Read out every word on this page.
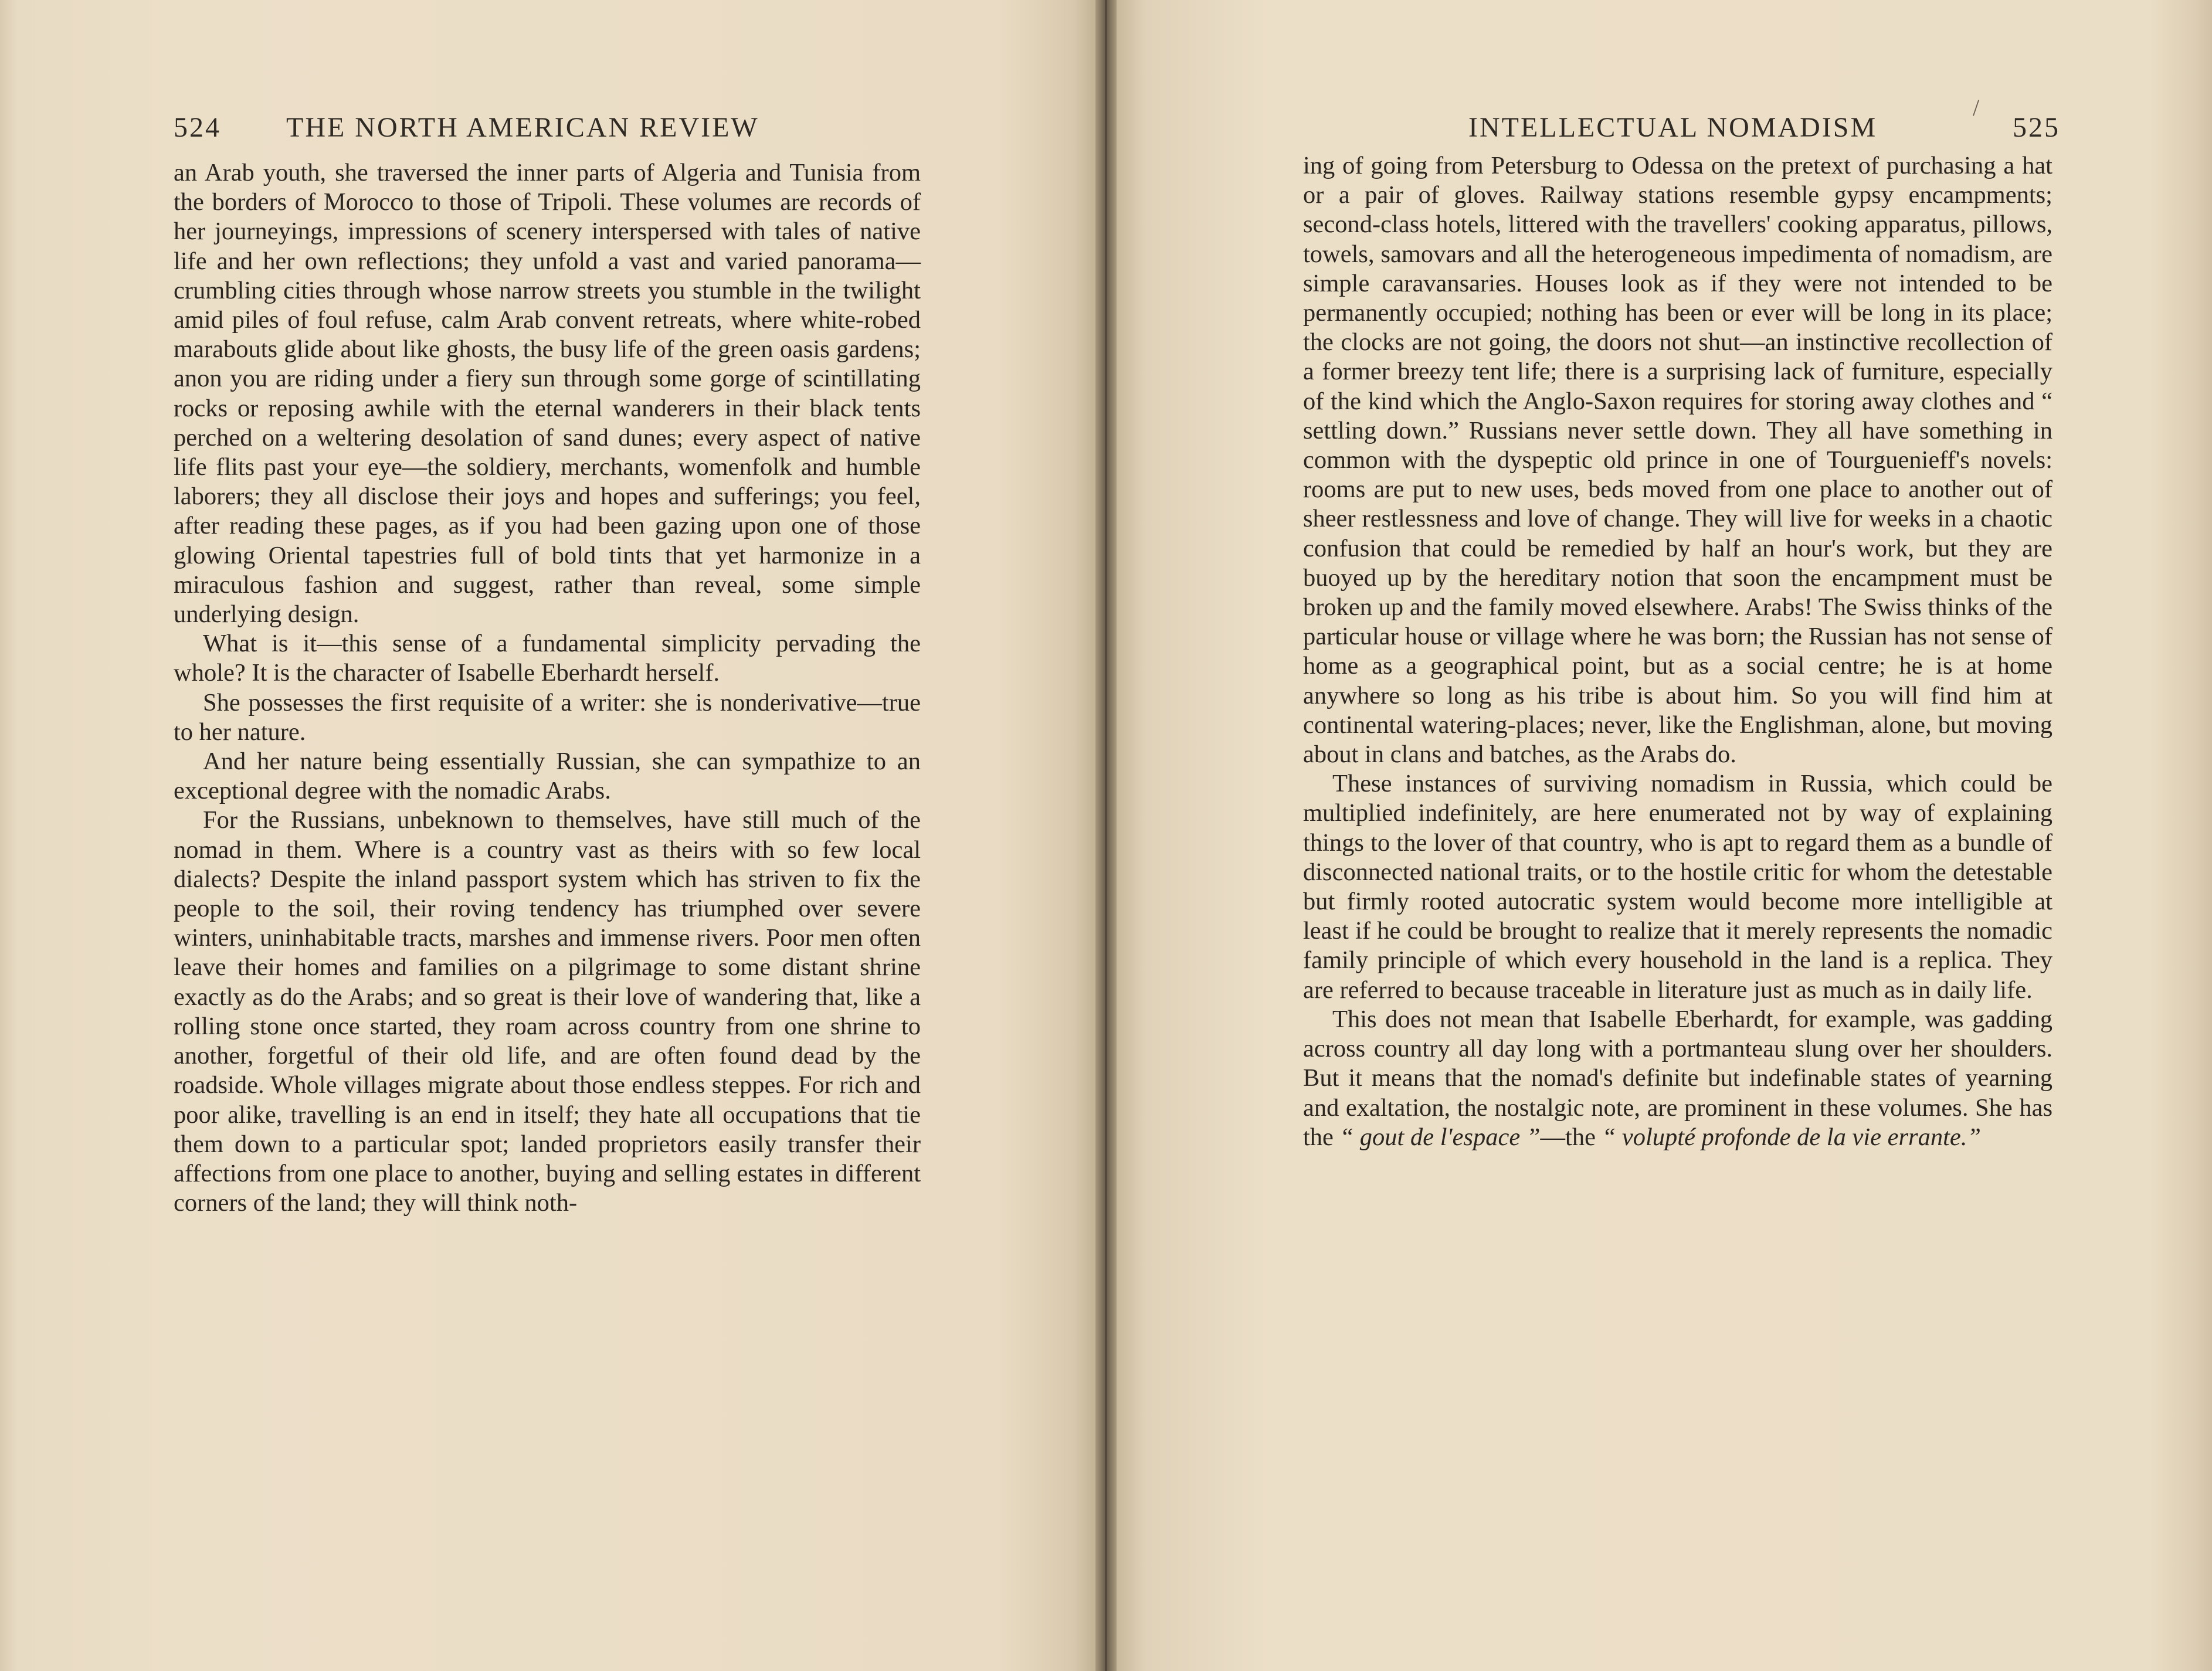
524 THE NORTH AMERICAN REVIEW

an Arab youth, she traversed the inner parts of Algeria and Tunisia from the borders of Morocco to those of Tripoli. These volumes are records of her journeyings, impressions of scenery interspersed with tales of native life and her own reflections; they unfold a vast and varied panorama—crumbling cities through whose narrow streets you stumble in the twilight amid piles of foul refuse, calm Arab convent retreats, where white-robed marabouts glide about like ghosts, the busy life of the green oasis gardens; anon you are riding under a fiery sun through some gorge of scintillating rocks or reposing awhile with the eternal wanderers in their black tents perched on a weltering desolation of sand dunes; every aspect of native life flits past your eye—the soldiery, merchants, womenfolk and humble laborers; they all disclose their joys and hopes and sufferings; you feel, after reading these pages, as if you had been gazing upon one of those glowing Oriental tapestries full of bold tints that yet harmonize in a miraculous fashion and suggest, rather than reveal, some simple underlying design.

What is it—this sense of a fundamental simplicity pervading the whole? It is the character of Isabelle Eberhardt herself.

She possesses the first requisite of a writer: she is nonderivative—true to her nature.

And her nature being essentially Russian, she can sympathize to an exceptional degree with the nomadic Arabs.

For the Russians, unbeknown to themselves, have still much of the nomad in them. Where is a country vast as theirs with so few local dialects? Despite the inland passport system which has striven to fix the people to the soil, their roving tendency has triumphed over severe winters, uninhabitable tracts, marshes and immense rivers. Poor men often leave their homes and families on a pilgrimage to some distant shrine exactly as do the Arabs; and so great is their love of wandering that, like a rolling stone once started, they roam across country from one shrine to another, forgetful of their old life, and are often found dead by the roadside. Whole villages migrate about those endless steppes. For rich and poor alike, travelling is an end in itself; they hate all occupations that tie them down to a particular spot; landed proprietors easily transfer their affections from one place to another, buying and selling estates in different corners of the land; they will think noth-

INTELLECTUAL NOMADISM
/
525

ing of going from Petersburg to Odessa on the pretext of purchasing a hat or a pair of gloves. Railway stations resemble gypsy encampments; second-class hotels, littered with the travellers' cooking apparatus, pillows, towels, samovars and all the heterogeneous impedimenta of nomadism, are simple caravansaries. Houses look as if they were not intended to be permanently occupied; nothing has been or ever will be long in its place; the clocks are not going, the doors not shut—an instinctive recollection of a former breezy tent life; there is a surprising lack of furniture, especially of the kind which the Anglo-Saxon requires for storing away clothes and “ settling down.” Russians never settle down. They all have something in common with the dyspeptic old prince in one of Tourguenieff's novels: rooms are put to new uses, beds moved from one place to another out of sheer restlessness and love of change. They will live for weeks in a chaotic confusion that could be remedied by half an hour's work, but they are buoyed up by the hereditary notion that soon the encampment must be broken up and the family moved elsewhere. Arabs! The Swiss thinks of the particular house or village where he was born; the Russian has not sense of home as a geographical point, but as a social centre; he is at home anywhere so long as his tribe is about him. So you will find him at continental watering-places; never, like the Englishman, alone, but moving about in clans and batches, as the Arabs do.

These instances of surviving nomadism in Russia, which could be multiplied indefinitely, are here enumerated not by way of explaining things to the lover of that country, who is apt to regard them as a bundle of disconnected national traits, or to the hostile critic for whom the detestable but firmly rooted autocratic system would become more intelligible at least if he could be brought to realize that it merely represents the nomadic family principle of which every household in the land is a replica. They are referred to because traceable in literature just as much as in daily life.

This does not mean that Isabelle Eberhardt, for example, was gadding across country all day long with a portmanteau slung over her shoulders. But it means that the nomad's definite but indefinable states of yearning and exaltation, the nostalgic note, are prominent in these volumes. She has the “ gout de l'espace ”—the “ volupté profonde de la vie errante.”
